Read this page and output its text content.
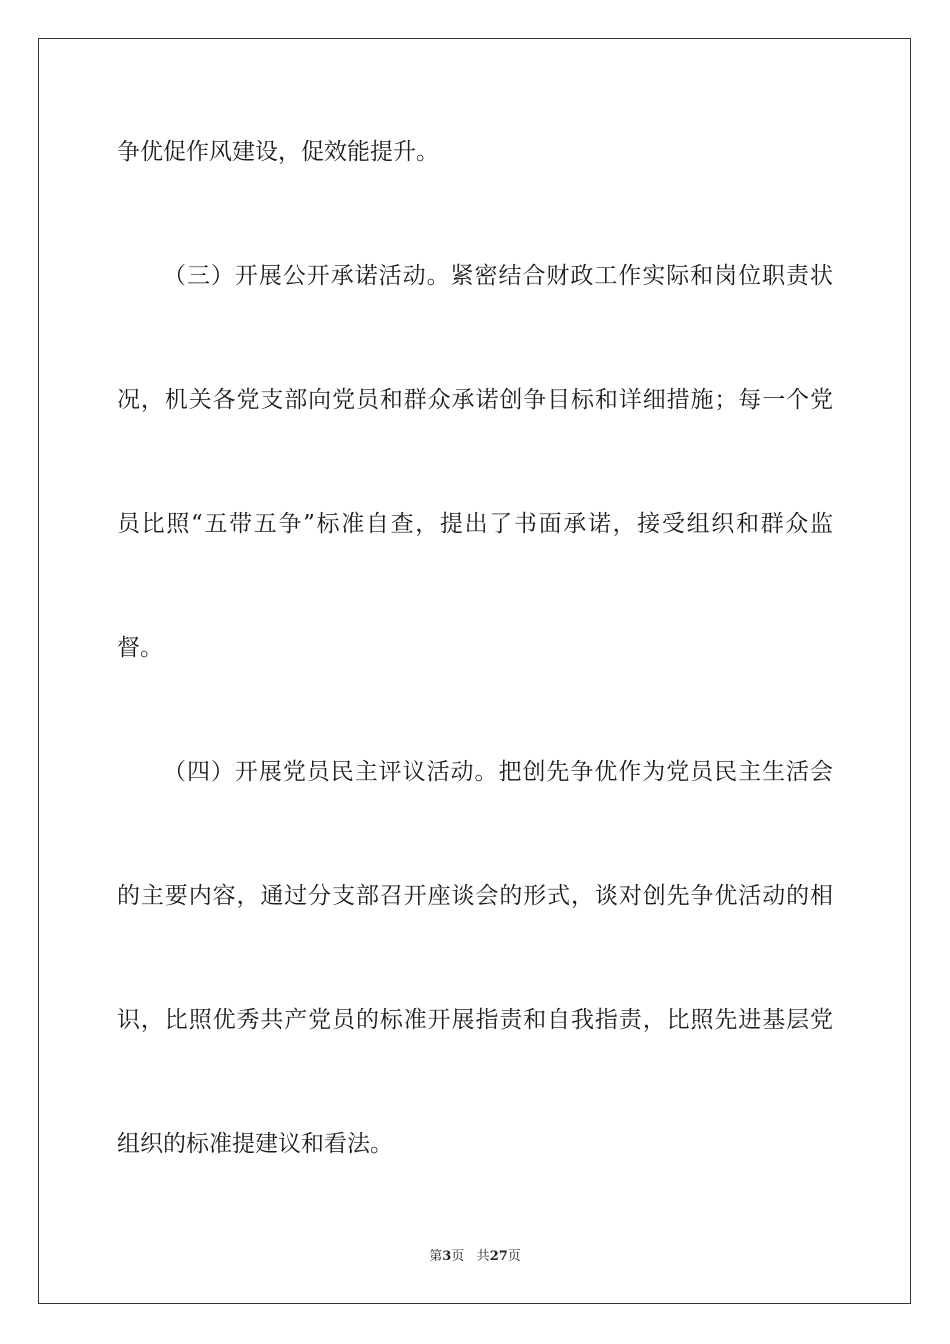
争优促作风建设，促效能提升。
（三）开展公开承诺活动。紧密结合财政工作实际和岗位职责状
况，机关各党支部向党员和群众承诺创争目标和详细措施；每一个党
员比照“五带五争”标准自查，提出了书面承诺，接受组织和群众监
督。
（四）开展党员民主评议活动。把创先争优作为党员民主生活会
的主要内容，通过分支部召开座谈会的形式，谈对创先争优活动的相
识，比照优秀共产党员的标准开展指责和自我指责，比照先进基层党
组织的标准提建议和看法。
第3页 共27页
